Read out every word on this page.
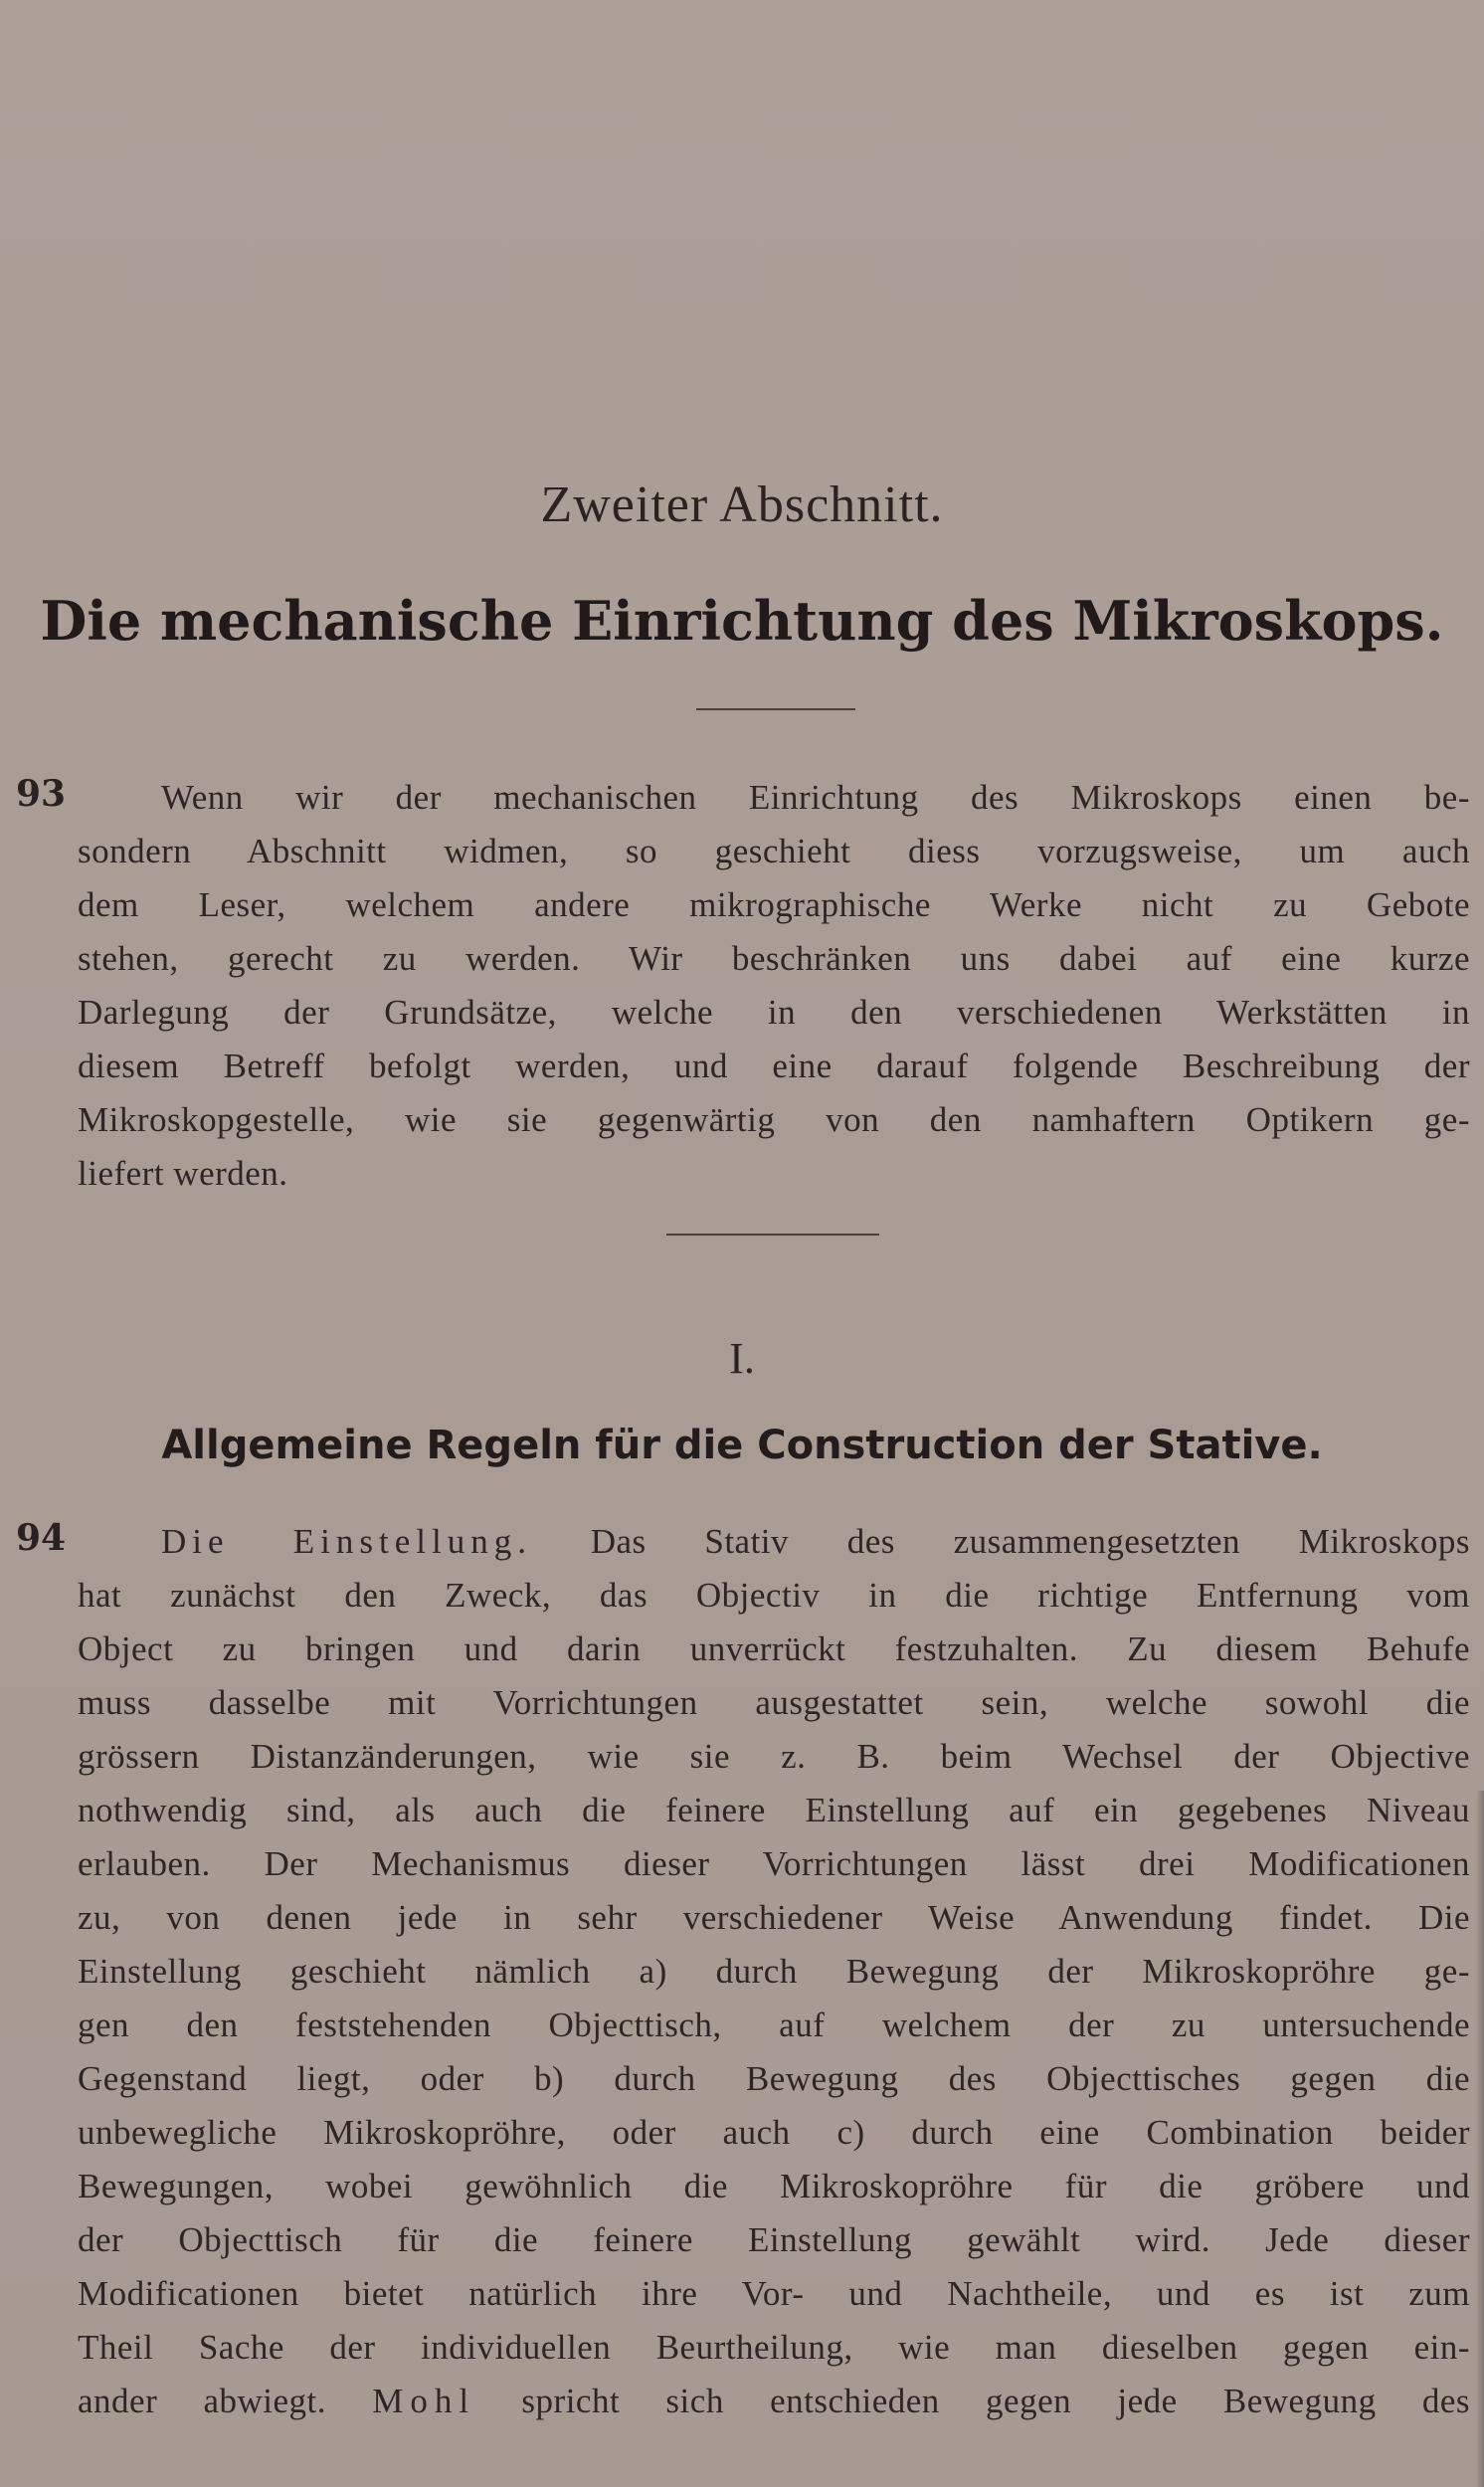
Zweiter Abschnitt.
Die mechanische Einrichtung des Mikroskops.
93	Wenn wir der mechanischen Einrichtung des Mikroskops einen be-
sondern Abschnitt widmen, so geschieht diess vorzugsweise, um auch
dem Leser, welchem andere mikrographische Werke nicht zu Gebote
stehen, gerecht zu werden. Wir beschränken uns dabei auf eine kurze
Darlegung der Grundsätze, welche in den verschiedenen Werkstätten in
diesem Betreff befolgt werden, und eine darauf folgende Beschreibung der
Mikroskopgestelle, wie sie gegenwärtig von den namhaftern Optikern ge-
liefert werden.
I.
Allgemeine Regeln für die Construction der Stative.
94	Die Einstellung. Das Stativ des zusammengesetzten Mikroskops
hat zunächst den Zweck, das Objectiv in die richtige Entfernung vom
Object zu bringen und darin unverrückt festzuhalten. Zu diesem Behufe
muss dasselbe mit Vorrichtungen ausgestattet sein, welche sowohl die
grössern Distanzänderungen, wie sie z. B. beim Wechsel der Objective
nothwendig sind, als auch die feinere Einstellung auf ein gegebenes Niveau
erlauben. Der Mechanismus dieser Vorrichtungen lässt drei Modificationen
zu, von denen jede in sehr verschiedener Weise Anwendung findet. Die
Einstellung geschieht nämlich a) durch Bewegung der Mikroskopröhre ge-
gen den feststehenden Objecttisch, auf welchem der zu untersuchende
Gegenstand liegt, oder b) durch Bewegung des Objecttisches gegen die
unbewegliche Mikroskopröhre, oder auch c) durch eine Combination beider
Bewegungen, wobei gewöhnlich die Mikroskopröhre für die gröbere und
der Objecttisch für die feinere Einstellung gewählt wird. Jede dieser
Modificationen bietet natürlich ihre Vor- und Nachtheile, und es ist zum
Theil Sache der individuellen Beurtheilung, wie man dieselben gegen ein-
ander abwiegt. Mohl spricht sich entschieden gegen jede Bewegung des
